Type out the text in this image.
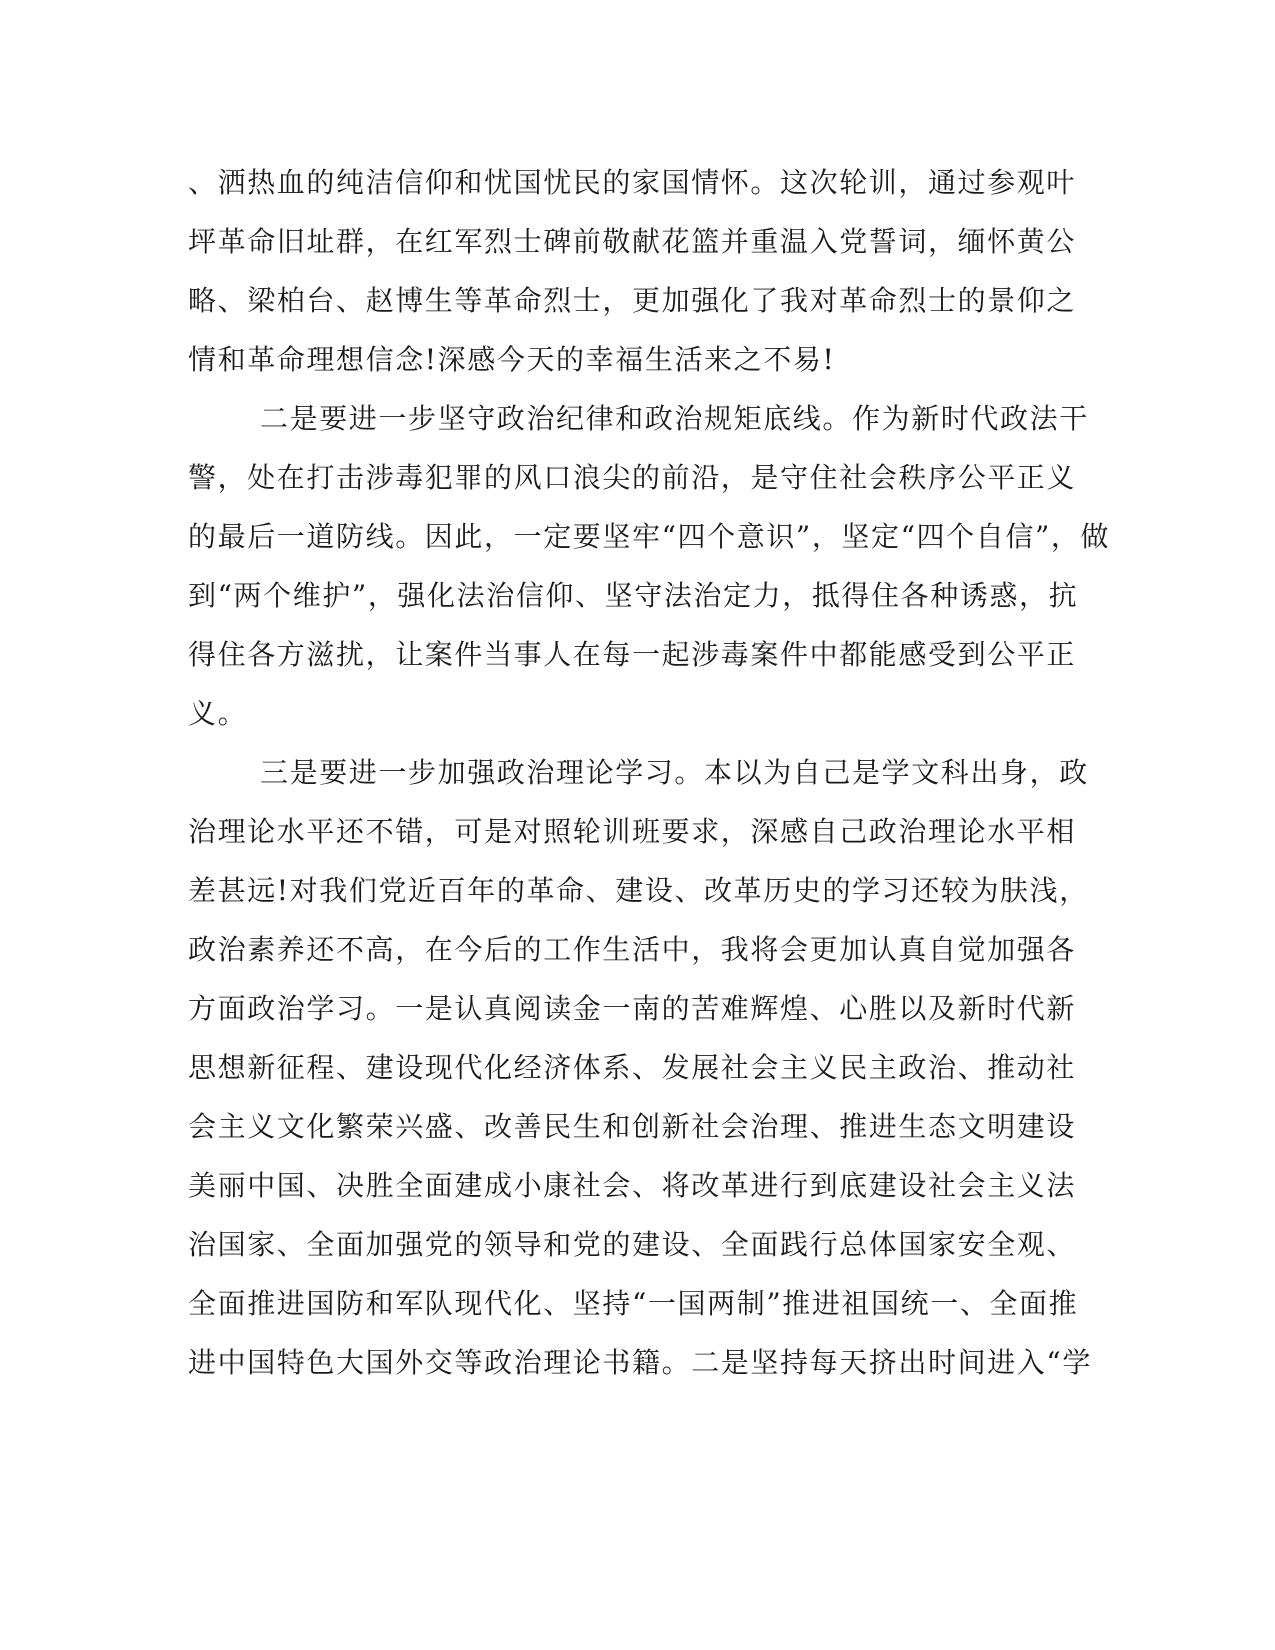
、洒热血的纯洁信仰和忧国忧民的家国情怀。这次轮训，通过参观叶
坪革命旧址群，在红军烈士碑前敬献花篮并重温入党誓词，缅怀黄公
略、梁柏台、赵博生等革命烈士，更加强化了我对革命烈士的景仰之
情和革命理想信念!深感今天的幸福生活来之不易!
二是要进一步坚守政治纪律和政治规矩底线。作为新时代政法干
警，处在打击涉毒犯罪的风口浪尖的前沿，是守住社会秩序公平正义
的最后一道防线。因此，一定要坚牢“四个意识”，坚定“四个自信”，做
到“两个维护”，强化法治信仰、坚守法治定力，抵得住各种诱惑，抗
得住各方滋扰，让案件当事人在每一起涉毒案件中都能感受到公平正
义。
三是要进一步加强政治理论学习。本以为自己是学文科出身，政
治理论水平还不错，可是对照轮训班要求，深感自己政治理论水平相
差甚远!对我们党近百年的革命、建设、改革历史的学习还较为肤浅，
政治素养还不高，在今后的工作生活中，我将会更加认真自觉加强各
方面政治学习。一是认真阅读金一南的苦难辉煌、心胜以及新时代新
思想新征程、建设现代化经济体系、发展社会主义民主政治、推动社
会主义文化繁荣兴盛、改善民生和创新社会治理、推进生态文明建设
美丽中国、决胜全面建成小康社会、将改革进行到底建设社会主义法
治国家、全面加强党的领导和党的建设、全面践行总体国家安全观、
全面推进国防和军队现代化、坚持“一国两制”推进祖国统一、全面推
进中国特色大国外交等政治理论书籍。二是坚持每天挤出时间进入“学
